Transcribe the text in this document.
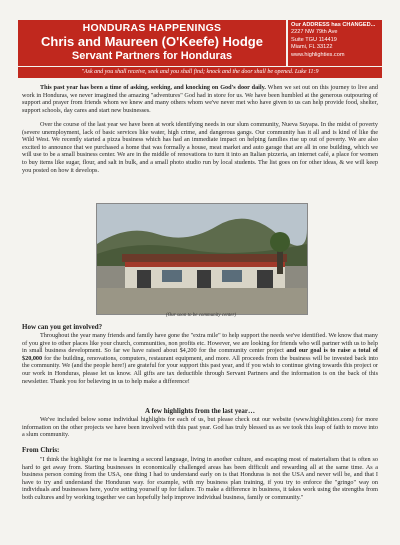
HONDURAS HAPPENINGS
Chris and Maureen (O'Keefe) Hodge
Servant Partners for Honduras
Our ADDRESS has CHANGED...
2227 NW 79th Ave
Suite TGU 114419
Miami, FL 33122
www.highlighties.com
"Ask and you shall receive, seek and you shall find; knock and the door shall be opened. Luke 11:9

This past year has been a time of asking, seeking, and knocking on God's door daily. When we set out on this journey to live and work in Honduras, we never imagined the amazing "adventures" God had in store for us. We have been humbled at the generous outpouring of support and prayer from friends whom we knew and many others whom we've never met who have given to us can help provide food, shelter, support schools, day cares and start new businesses.

Over the course of the last year we have been at work identifying needs in our slum community, Nueva Suyapa. In the midst of poverty (severe unemployment, lack of basic services like water, high crime, and dangerous gangs. Our community has it all and is kind of like the Wild West. We recently started a pizza business which has had an immediate impact on helping families rise up out of poverty. We are also excited to announce that we purchased a home that was formally a house, meat market and auto garage that are all in one building, which we will use to be a small business center. We are in the middle of renovations to turn it into an Italian pizzeria, an internet café, a place for women to buy items like sugar, flour, and salt in bulk, and a small photo studio run by local students. The list goes on for other ideas, & we will keep you posted on how it develops.

(Our soon to be community center)
How can you get involved?

Throughout the year many friends and family have gone the "extra mile" to help support the needs we've identified. We know that many of you give to other places like your church, communities, non profits etc. However, we are looking for friends who will partner with us to help in small business development. So far we have raised about $4,200 for the community center project and our goal is to raise a total of $20,000 for the building, renovations, computers, restaurant equipment, and more. All proceeds from the business will be invested back into the community. We (and the people here!) are grateful for your support this past year, and if you wish to continue giving towards this project or our work in Honduras, please let us know. All gifts are tax deductible through Servant Partners and the information is on the back of this newsletter. Thank you for believing in us to help make a difference!

A few highlights from the last year…

We've included below some individual highlights for each of us, but please check out our website (www.highlighties.com) for more information on the other projects we have been involved with this past year. God has truly blessed us as we took this leap of faith to move into a slum community.

From Chris:

"I think the highlight for me is learning a second language, living in another culture, and escaping most of materialism that is often so hard to get away from. Starting businesses in economically challenged areas has been difficult and rewarding all at the same time. As a business person coming from the USA, one thing I had to understand early on is that Honduras is not the USA and never will be, and that I have to try and understand the Honduran way. for example, with my business plan training, if you try to enforce the "gringo" way on individuals and businesses here, you're setting yourself up for failure. To make a difference in business, it takes work using the strengths from both cultures and by working together we can hopefully help improve individual business, family or community."
